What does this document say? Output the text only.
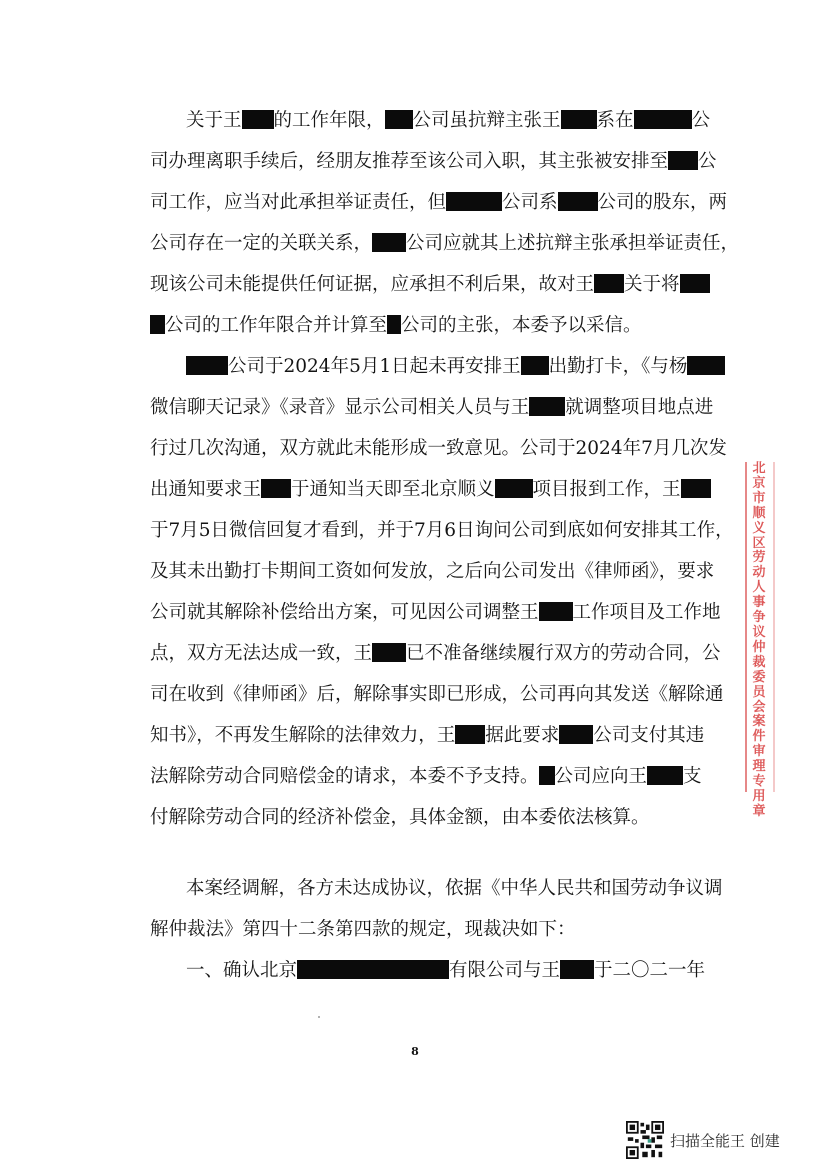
关于王 的工作年限， 公司虽抗辩主张王 系在	公
司办理离职手续后，经朋友推荐至该公司入职，其主张被安排至 公
司工作，应当对此承担举证责任，但	公司系 公司的股东，两
公司存在一定的关联关系， 公司应就其上述抗辩主张承担举证责任，
现该公司未能提供任何证据，应承担不利后果，故对王 关于将
公司的工作年限合并计算至 公司的主张，本委予以采信。
公司于2024年5月1日起未再安排王 出勤打卡，《与杨
微信聊天记录》《录音》显示公司相关人员与王 就调整项目地点进
行过几次沟通，双方就此未能形成一致意见。公司于2024年7月几次发
出通知要求王 于通知当天即至北京顺义 项目报到工作，王
于7月5日微信回复才看到，并于7月6日询问公司到底如何安排其工作，
及其未出勤打卡期间工资如何发放，之后向公司发出《律师函》，要求
公司就其解除补偿给出方案，可见因公司调整王 工作项目及工作地
点，双方无法达成一致，王 已不准备继续履行双方的劳动合同，公
司在收到《律师函》后，解除事实即已形成，公司再向其发送《解除通
知书》，不再发生解除的法律效力，王 据此要求 公司支付其违
法解除劳动合同赔偿金的请求，本委不予支持。 公司应向王 支
付解除劳动合同的经济补偿金，具体金额，由本委依法核算。
本案经调解，各方未达成协议，依据《中华人民共和国劳动争议调
解仲裁法》第四十二条第四款的规定，现裁决如下：
一、确认北京	有限公司与王 于二〇二一年
8
北京市顺义区劳动人事争议仲裁委员会案件审理专用章
扫描全能王 创建
